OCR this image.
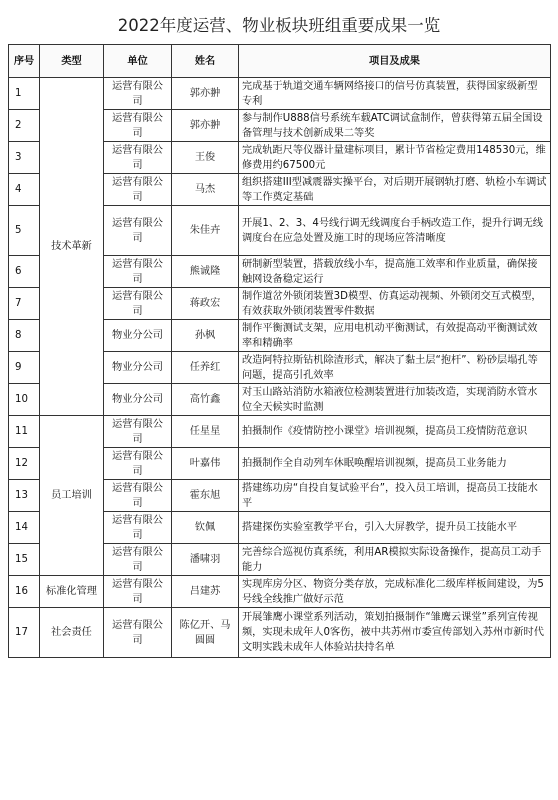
2022年度运营、物业板块班组重要成果一览
序号	类型	单位	姓名	项目及成果
1	技术革新	运营有限公司	郭亦翀	完成基于轨道交通车辆网络接口的信号仿真装置，获得国家级新型专利
2		运营有限公司	郭亦翀	参与制作U888信号系统车载ATC调试盒制作，曾获得第五届全国设备管理与技术创新成果二等奖
3		运营有限公司	王俊	完成轨距尺等仪器计量建标项目，累计节省检定费用148530元，维修费用约67500元
4		运营有限公司	马杰	组织搭建III型减震器实操平台，对后期开展钢轨打磨、轨检小车调试等工作奠定基础
5		运营有限公司	朱佳卉	开展1、2、3、4号线行调无线调度台手柄改造工作，提升行调无线调度台在应急处置及施工时的现场应答清晰度
6		运营有限公司	熊诚隆	研制新型装置，搭载放线小车，提高施工效率和作业质量，确保接触网设备稳定运行
7		运营有限公司	蒋政宏	制作道岔外锁闭装置3D模型、仿真运动视频、外锁闭交互式模型，有效获取外锁闭装置零件数据
8		物业分公司	孙枫	制作平衡测试支架，应用电机动平衡测试，有效提高动平衡测试效率和精确率
9		物业分公司	任养红	改造阿特拉斯钻机除渣形式，解决了黏土层“抱杆”、粉砂层塌孔等问题，提高引孔效率
10		物业分公司	高竹鑫	对玉山路站消防水箱液位检测装置进行加装改造，实现消防水管水位全天候实时监测
11	员工培训	运营有限公司	任星星	拍摄制作《疫情防控小课堂》培训视频，提高员工疫情防范意识
12		运营有限公司	叶嘉伟	拍摄制作全自动列车休眠唤醒培训视频，提高员工业务能力
13		运营有限公司	霍东旭	搭建练功房“自投自复试验平台”，投入员工培训，提高员工技能水平
14		运营有限公司	钦佩	搭建探伤实验室教学平台，引入大屏教学，提升员工技能水平
15		运营有限公司	潘啸羽	完善综合巡视仿真系统，利用AR模拟实际设备操作，提高员工动手能力
16	标准化管理	运营有限公司	吕建苏	实现库房分区、物资分类存放，完成标准化二级库样板间建设，为5号线全线推广做好示范
17	社会责任	运营有限公司	陈亿开、马圆圆	开展雏鹰小课堂系列活动，策划拍摄制作“雏鹰云课堂”系列宣传视频，实现未成年人0客伤，被中共苏州市委宣传部划入苏州市新时代文明实践未成年人体验站扶持名单
